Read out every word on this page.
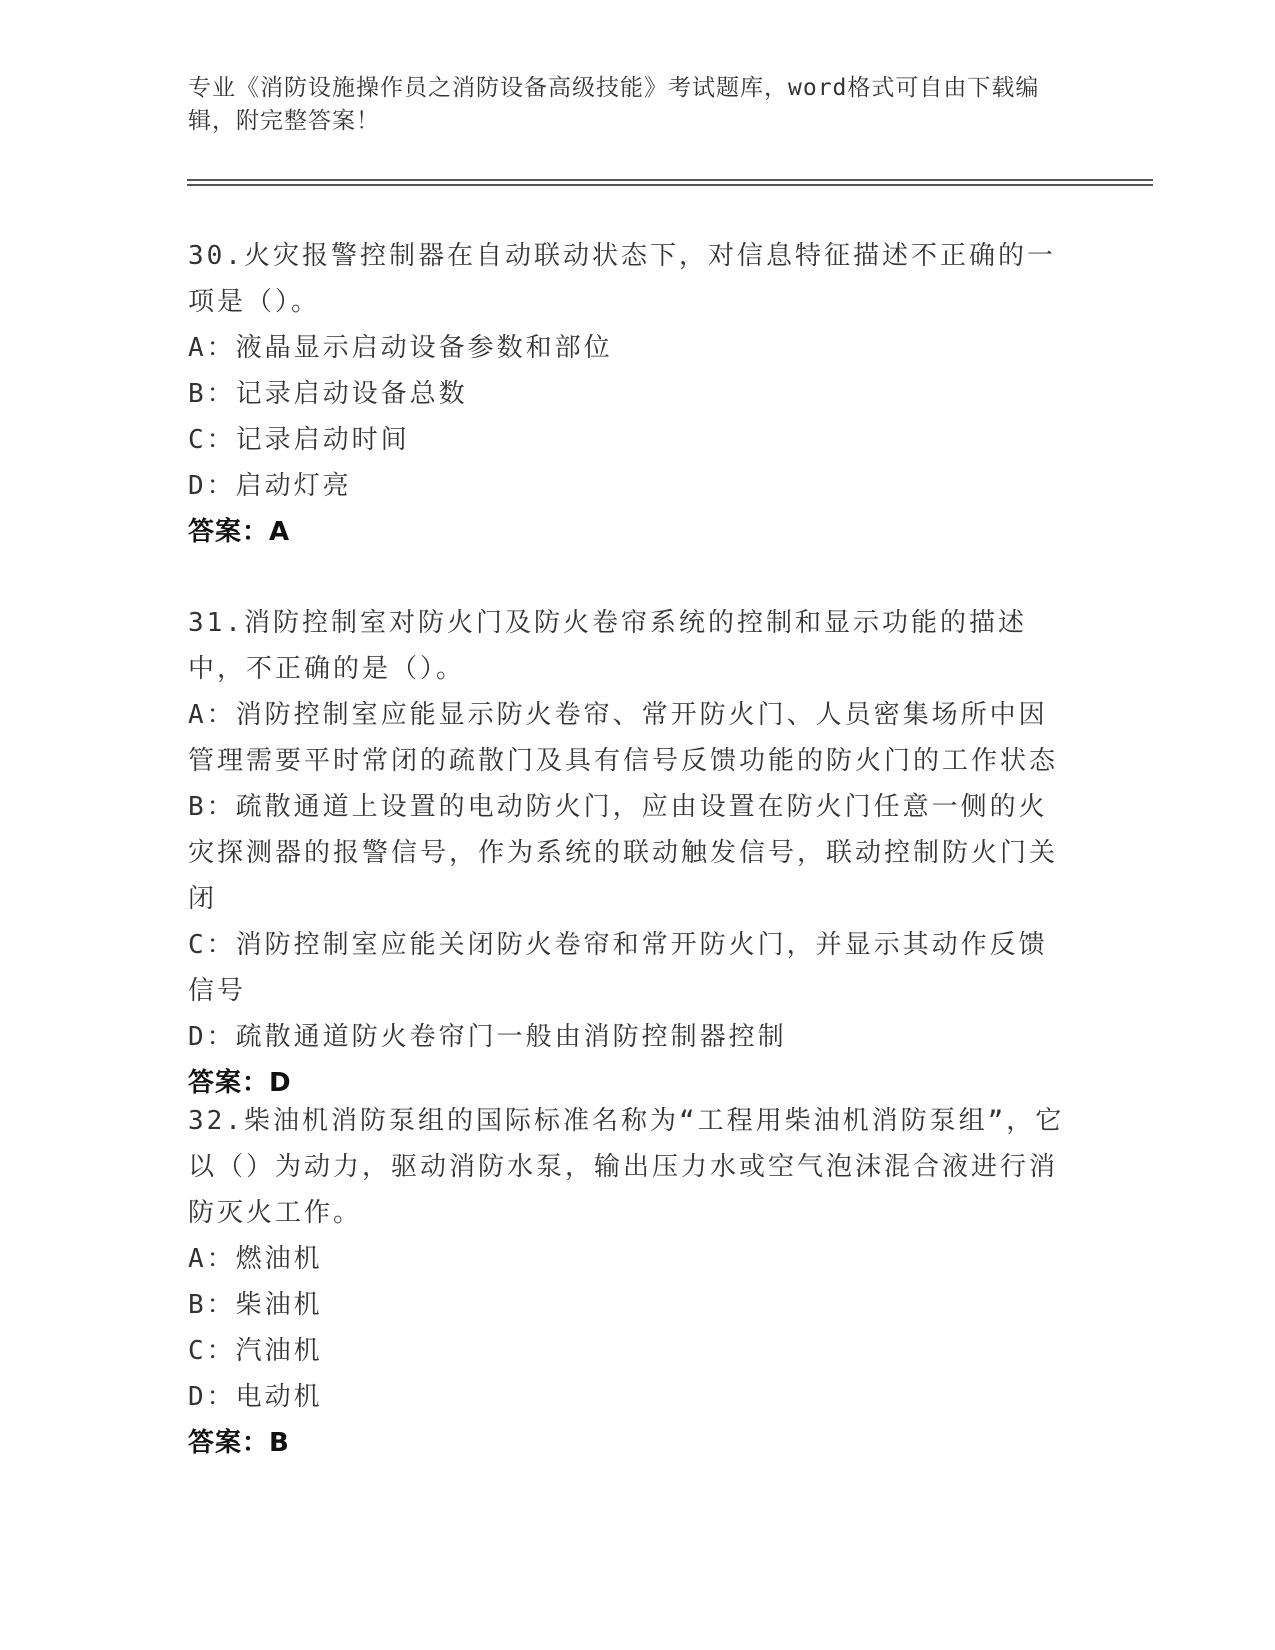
专业《消防设施操作员之消防设备高级技能》考试题库，word格式可自由下载编辑，附完整答案！
30.火灾报警控制器在自动联动状态下，对信息特征描述不正确的一项是（）。
A：液晶显示启动设备参数和部位
B：记录启动设备总数
C：记录启动时间
D：启动灯亮
答案：A
31.消防控制室对防火门及防火卷帘系统的控制和显示功能的描述中，不正确的是（）。
A：消防控制室应能显示防火卷帘、常开防火门、人员密集场所中因管理需要平时常闭的疏散门及具有信号反馈功能的防火门的工作状态
B：疏散通道上设置的电动防火门，应由设置在防火门任意一侧的火灾探测器的报警信号，作为系统的联动触发信号，联动控制防火门关闭
C：消防控制室应能关闭防火卷帘和常开防火门，并显示其动作反馈信号
D：疏散通道防火卷帘门一般由消防控制器控制
答案：D
32.柴油机消防泵组的国际标准名称为“工程用柴油机消防泵组”，它以（）为动力，驱动消防水泵，输出压力水或空气泡沫混合液进行消防灭火工作。
A：燃油机
B：柴油机
C：汽油机
D：电动机
答案：B
